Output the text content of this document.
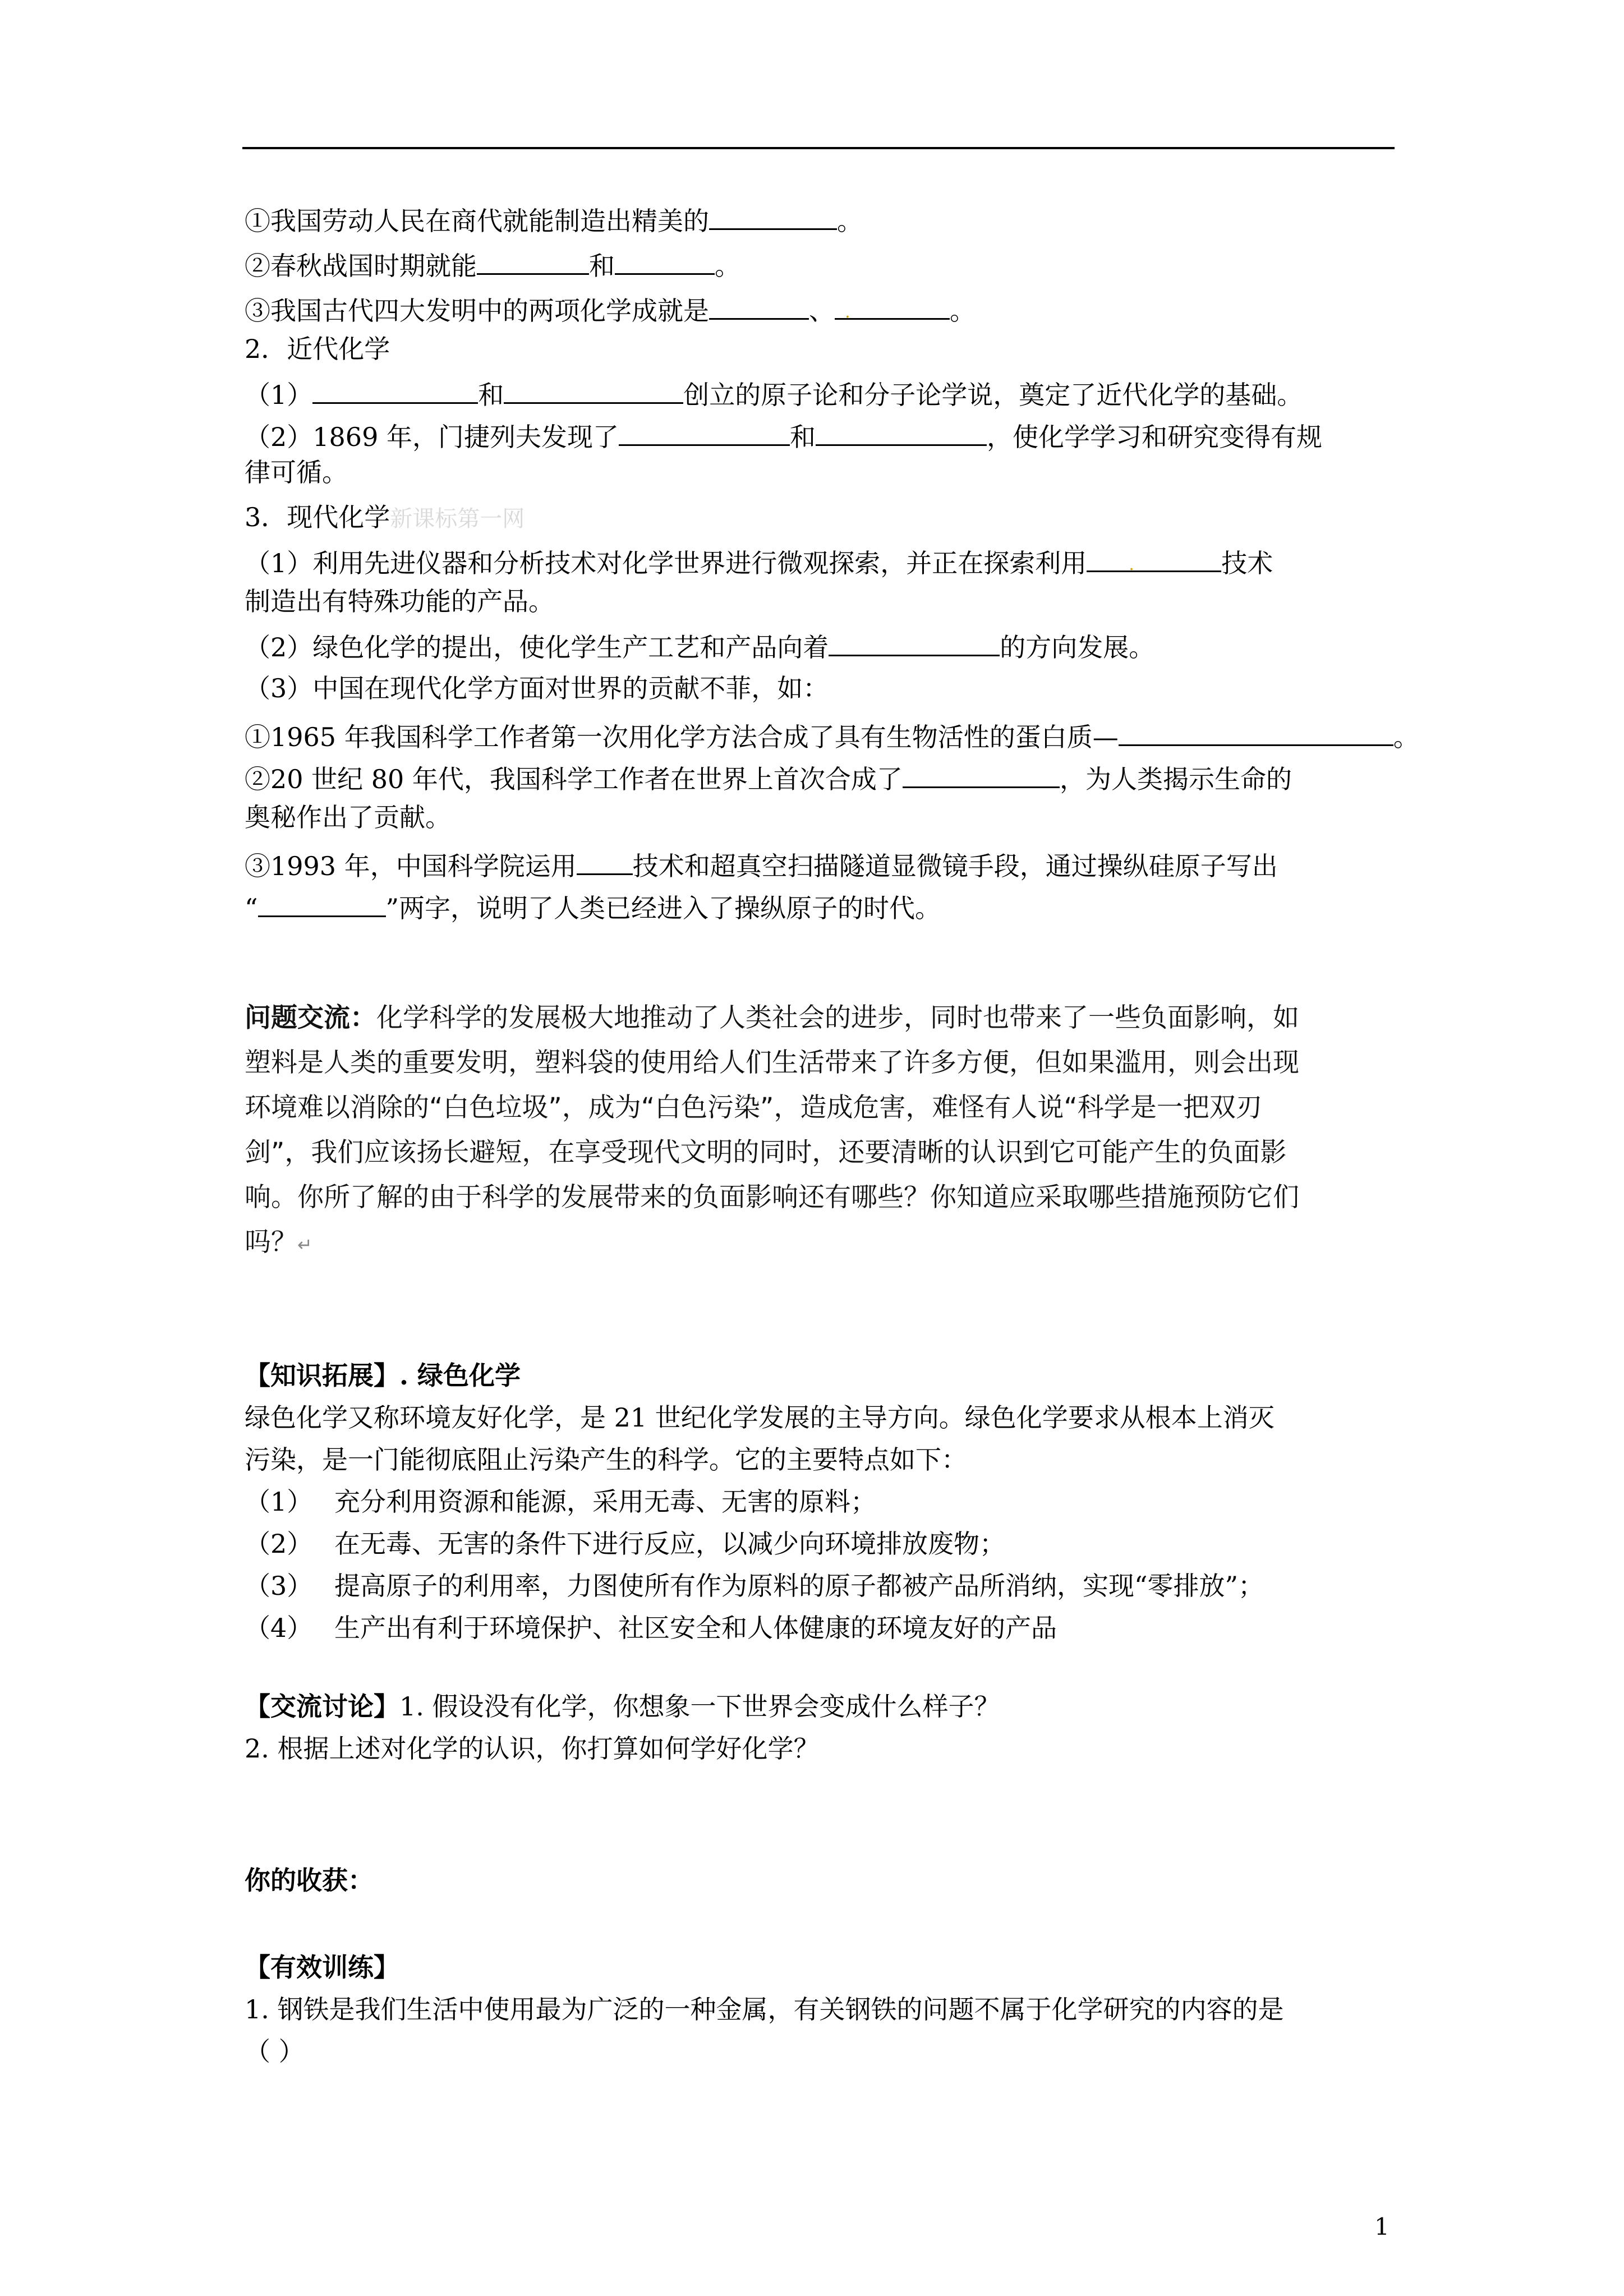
①我国劳动人民在商代就能制造出精美的	。
②春秋战国时期就能	和	。
③我国古代四大发明中的两项化学成就是	、 .	。
2．近代化学
（1）	和	创立的原子论和分子论学说，奠定了近代化学的基础。
（2）1869 年，门捷列夫发现了	和	，使化学学习和研究变得有规
律可循。
3．现代化学新课标第一网
（1）利用先进仪器和分析技术对化学世界进行微观探索，并正在探索利用	.	技术
制造出有特殊功能的产品。
（2）绿色化学的提出，使化学生产工艺和产品向着	的方向发展。
（3）中国在现代化学方面对世界的贡献不菲，如：
①1965 年我国科学工作者第一次用化学方法合成了具有生物活性的蛋白质—	。
②20 世纪 80 年代，我国科学工作者在世界上首次合成了	，为人类揭示生命的
奥秘作出了贡献。
③1993 年，中国科学院运用 技术和超真空扫描隧道显微镜手段，通过操纵硅原子写出
“	”两字，说明了人类已经进入了操纵原子的时代。
问题交流：化学科学的发展极大地推动了人类社会的进步，同时也带来了一些负面影响，如
塑料是人类的重要发明，塑料袋的使用给人们生活带来了许多方便，但如果滥用，则会出现
环境难以消除的“白色垃圾”，成为“白色污染”，造成危害，难怪有人说“科学是一把双刃
剑”，我们应该扬长避短，在享受现代文明的同时，还要清晰的认识到它可能产生的负面影
响。你所了解的由于科学的发展带来的负面影响还有哪些？你知道应采取哪些措施预防它们
吗？↵
【知识拓展】. 绿色化学
绿色化学又称环境友好化学，是 21 世纪化学发展的主导方向。绿色化学要求从根本上消灭
污染，是一门能彻底阻止污染产生的科学。它的主要特点如下：
（1） 充分利用资源和能源，采用无毒、无害的原料；
（2） 在无毒、无害的条件下进行反应，以减少向环境排放废物；
（3） 提高原子的利用率，力图使所有作为原料的原子都被产品所消纳，实现“零排放”；
（4） 生产出有利于环境保护、社区安全和人体健康的环境友好的产品
【交流讨论】1. 假设没有化学，你想象一下世界会变成什么样子？
2. 根据上述对化学的认识，你打算如何学好化学？
你的收获：
【有效训练】
1. 钢铁是我们生活中使用最为广泛的一种金属，有关钢铁的问题不属于化学研究的内容的是
（ ）
1
